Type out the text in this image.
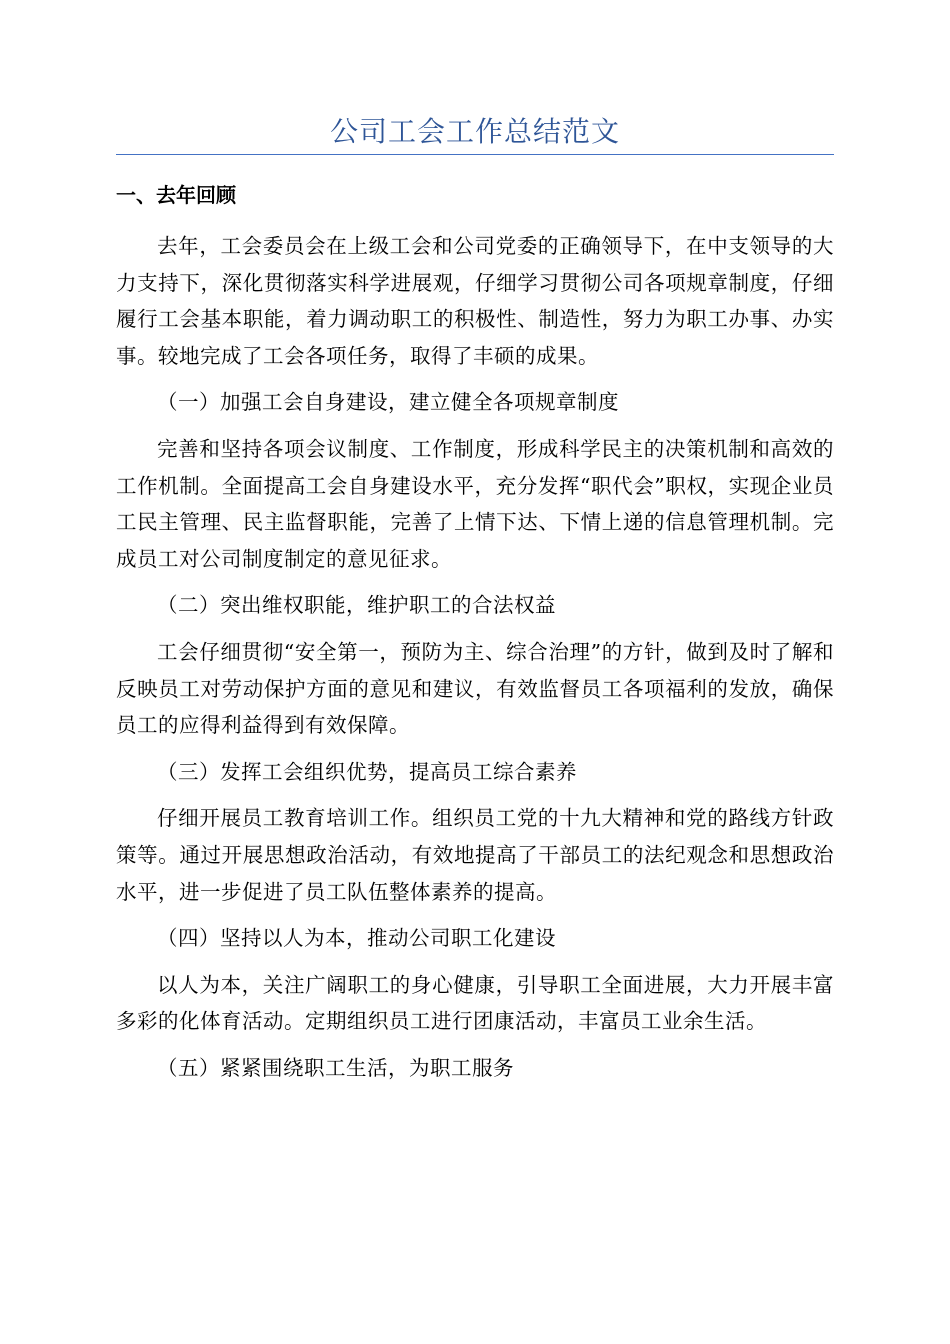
公司工会工作总结范文
一、去年回顾

去年，工会委员会在上级工会和公司党委的正确领导下，在中支领导的大力支持下，深化贯彻落实科学进展观，仔细学习贯彻公司各项规章制度，仔细履行工会基本职能，着力调动职工的积极性、制造性，努力为职工办事、办实事。较地完成了工会各项任务，取得了丰硕的成果。

（一）加强工会自身建设，建立健全各项规章制度

完善和坚持各项会议制度、工作制度，形成科学民主的决策机制和高效的工作机制。全面提高工会自身建设水平，充分发挥“职代会”职权，实现企业员工民主管理、民主监督职能，完善了上情下达、下情上递的信息管理机制。完成员工对公司制度制定的意见征求。

（二）突出维权职能，维护职工的合法权益

工会仔细贯彻“安全第一，预防为主、综合治理”的方针，做到及时了解和反映员工对劳动保护方面的意见和建议，有效监督员工各项福利的发放，确保员工的应得利益得到有效保障。

（三）发挥工会组织优势，提高员工综合素养

仔细开展员工教育培训工作。组织员工党的十九大精神和党的路线方针政策等。通过开展思想政治活动，有效地提高了干部员工的法纪观念和思想政治水平，进一步促进了员工队伍整体素养的提高。

（四）坚持以人为本，推动公司职工化建设

以人为本，关注广阔职工的身心健康，引导职工全面进展，大力开展丰富多彩的化体育活动。定期组织员工进行团康活动，丰富员工业余生活。

（五）紧紧围绕职工生活，为职工服务
